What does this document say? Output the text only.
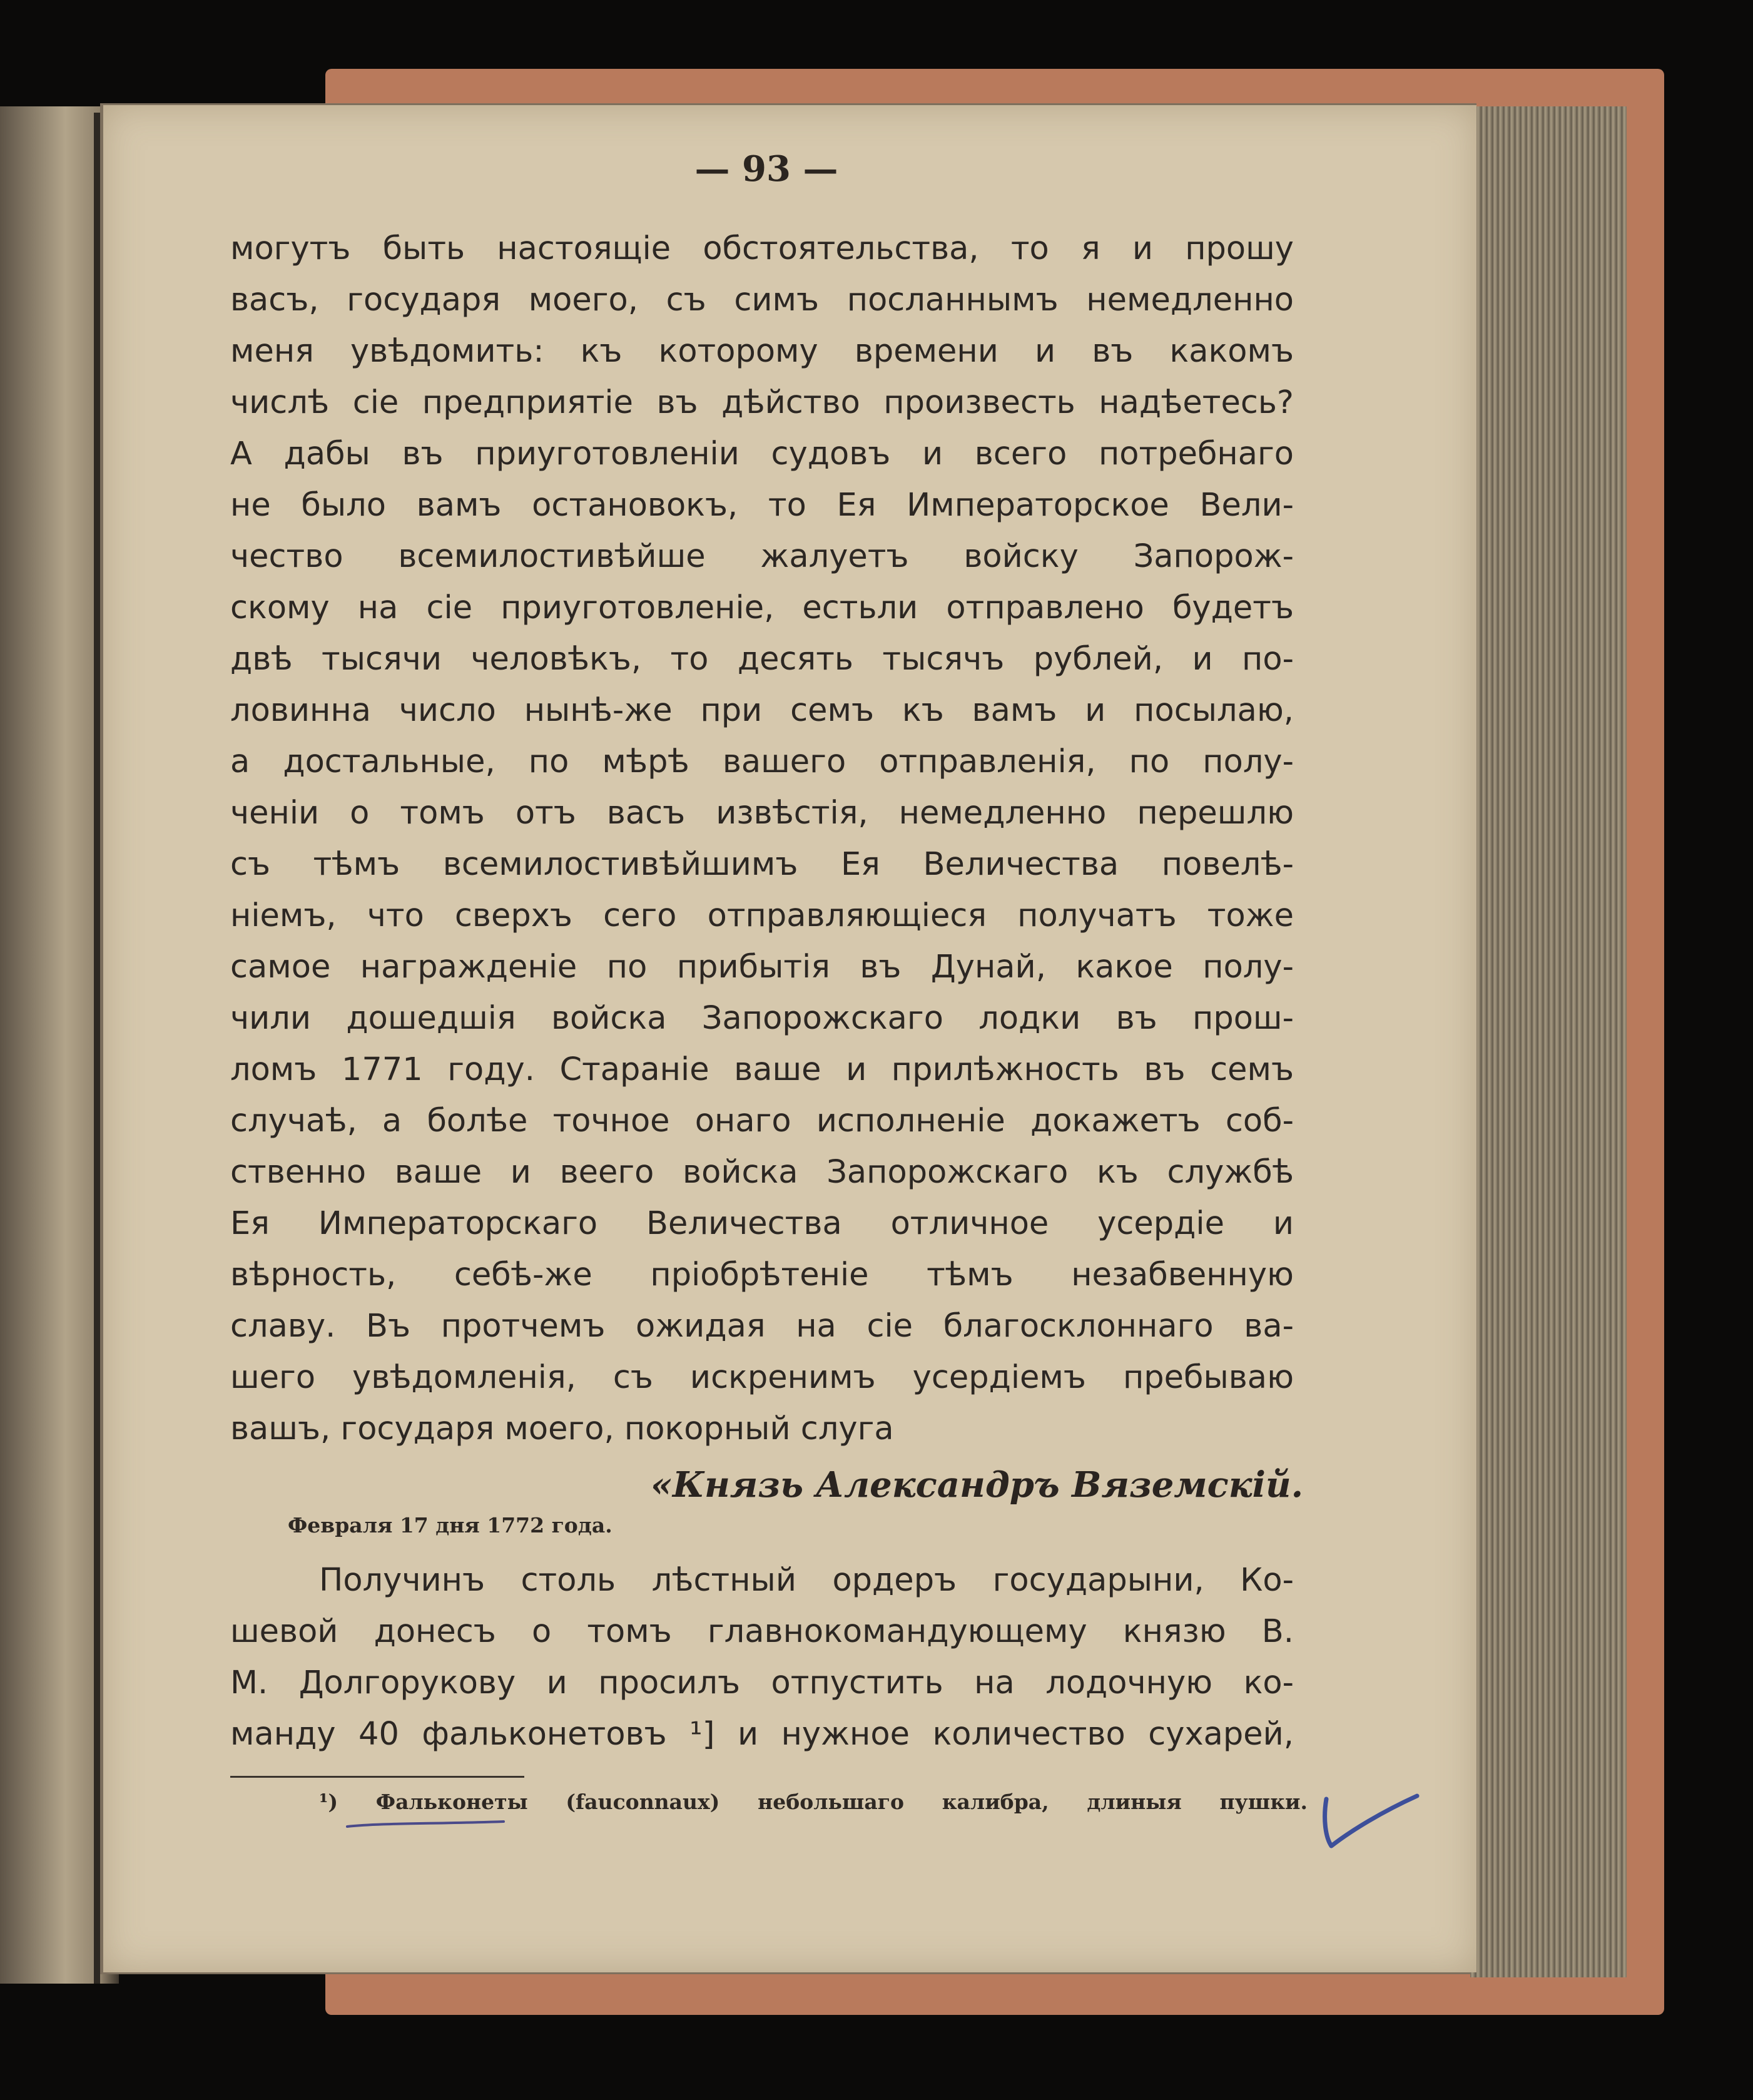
— 93 —
могутъ быть настоящіе обстоятельства, то я и прошу
васъ, государя моего, съ симъ посланнымъ немедленно
меня увѣдомить: къ которому времени и въ какомъ
числѣ сіе предприятіе въ дѣйство произвесть надѣетесь?
А дабы въ приуготовленіи судовъ и всего потребнаго
не было вамъ остановокъ, то Ея Императорское Вели-
чество всемилостивѣйше жалуетъ войску Запорож-
скому на сіе приуготовленіе, естьли отправлено будетъ
двѣ тысячи человѣкъ, то десять тысячъ рублей, и по-
ловинна число нынѣ-же при семъ къ вамъ и посылаю,
а достальные, по мѣрѣ вашего отправленія, по полу-
ченіи о томъ отъ васъ извѣстія, немедленно перешлю
съ тѣмъ всемилостивѣйшимъ Ея Величества повелѣ-
ніемъ, что сверхъ сего отправляющіеся получатъ тоже
самое награжденіе по прибытія въ Дунай, какое полу-
чили дошедшія войска Запорожскаго лодки въ прош-
ломъ 1771 году. Стараніе ваше и прилѣжность въ семъ
случаѣ, а болѣе точное онаго исполненіе докажетъ соб-
ственно ваше и веего войска Запорожскаго къ службѣ
Ея Императорскаго Величества отличное усердіе и
вѣрность, себѣ-же пріобрѣтеніе тѣмъ незабвенную
славу. Въ протчемъ ожидая на сіе благосклоннаго ва-
шего увѣдомленія, съ искренимъ усердіемъ пребываю
вашъ, государя моего, покорный слуга
«Князь Александръ Вяземскій.
Февраля 17 дня 1772 года.
Получинъ столь лѣстный ордеръ государыни, Ко-
шевой донесъ о томъ главнокомандующему князю В.
М. Долгорукову и просилъ отпустить на лодочную ко-
манду 40 фальконетовъ ¹] и нужное количество сухарей,
¹) Фальконеты (fauconnaux) небольшаго калибра, длиныя пушки.
